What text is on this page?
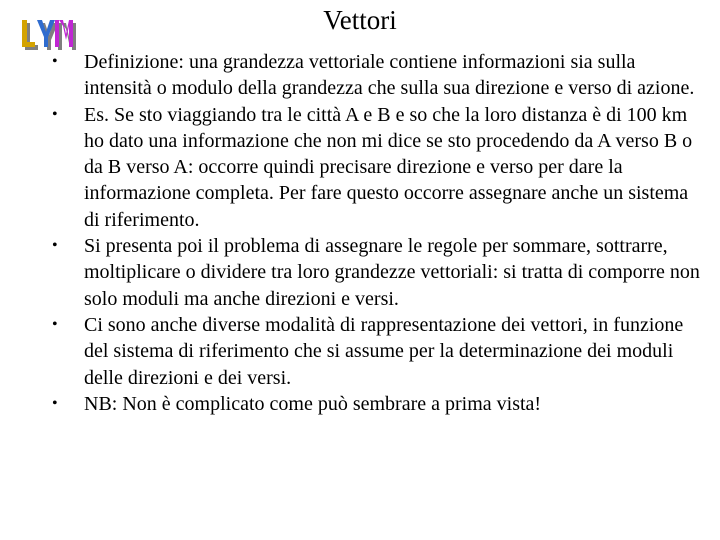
Vettori
• Definizione: una grandezza vettoriale contiene informazioni sia sulla intensità o modulo della grandezza che sulla sua direzione e verso di azione.
• Es. Se sto viaggiando tra le città A e B e so che la loro distanza è di 100 km ho dato una informazione che non mi dice se sto procedendo da A verso B o da B verso A: occorre quindi precisare direzione e verso per dare la informazione completa. Per fare questo occorre assegnare anche un sistema di riferimento.
• Si presenta poi il problema di assegnare le regole per sommare, sottrarre, moltiplicare o dividere tra loro grandezze vettoriali: si tratta di comporre non solo moduli ma anche direzioni e versi.
• Ci sono anche diverse modalità di rappresentazione dei vettori, in funzione del sistema di riferimento che si assume per la determinazione dei moduli delle direzioni e dei versi.
• NB: Non è complicato come può sembrare a prima vista!
